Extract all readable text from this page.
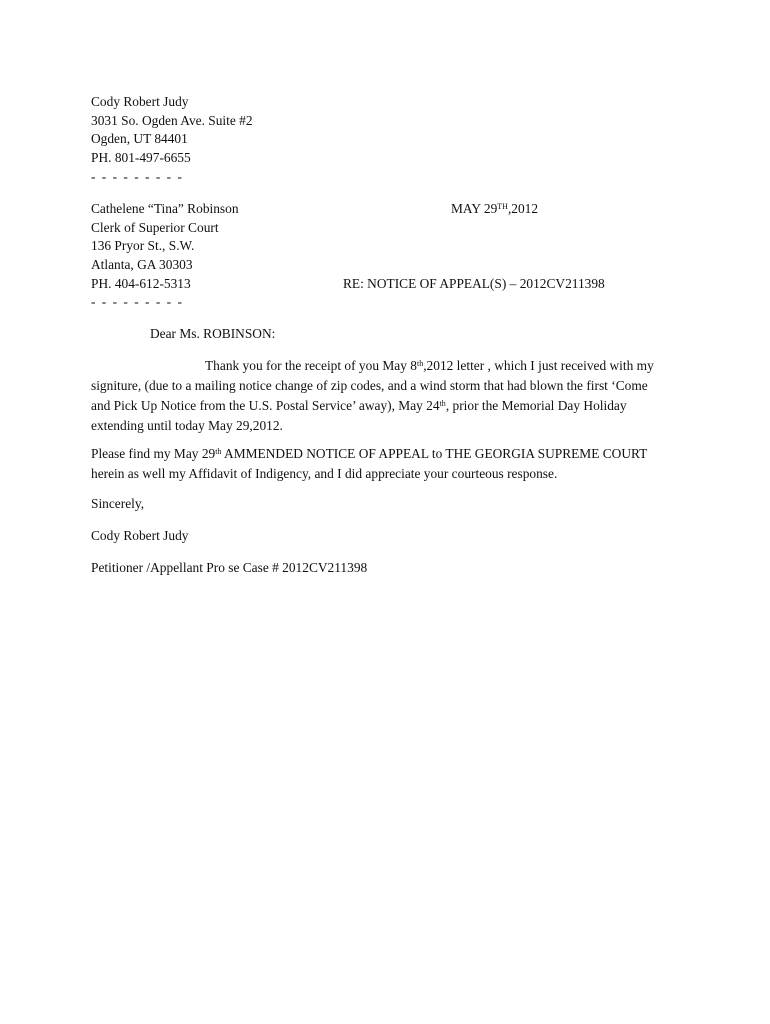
Cody Robert Judy
3031 So. Ogden Ave. Suite #2
Ogden, UT 84401
PH. 801-497-6655
- - - - - - - - -
Cathelene “Tina” Robinson
Clerk of Superior Court
136 Pryor St., S.W.
Atlanta, GA 30303
PH. 404-612-5313
- - - - - - - - -
MAY 29TH,2012
RE: NOTICE OF APPEAL(S) – 2012CV211398
Dear Ms. ROBINSON:
Thank you for the receipt of you May 8th,2012 letter , which I just received with my
signiture, (due to a mailing notice change of zip codes, and a wind storm that had blown the first ‘Come
and Pick Up Notice from the U.S. Postal Service’ away), May 24th, prior the Memorial Day Holiday
extending until today May 29,2012.
Please find my May 29th AMMENDED NOTICE OF APPEAL to THE GEORGIA SUPREME COURT
herein as well my Affidavit of Indigency, and I did appreciate your courteous response.
Sincerely,
Cody Robert Judy
Petitioner /Appellant Pro se Case # 2012CV211398
